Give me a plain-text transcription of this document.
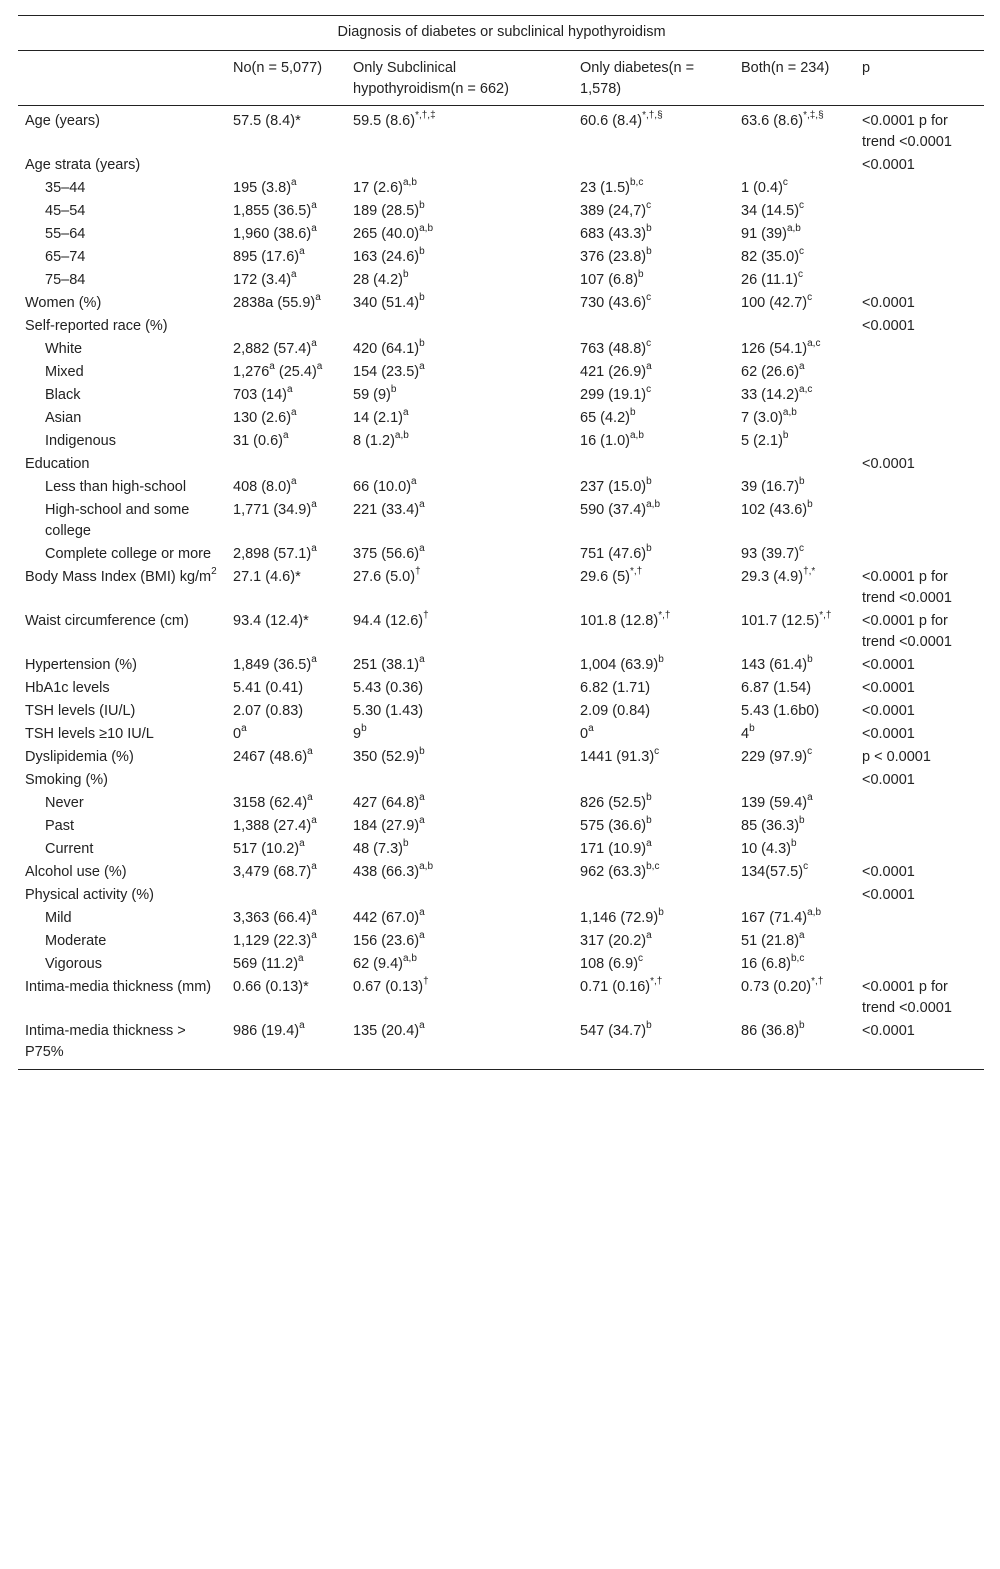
Diagnosis of diabetes or subclinical hypothyroidism					
	No(n = 5,077)	Only Subclinical hypothyroidism(n = 662)	Only diabetes(n = 1,578)	Both(n = 234)	p
Age (years)	57.5 (8.4)*	59.5 (8.6)*,†,‡	60.6 (8.4)*,†,§	63.6 (8.6)*,‡,§	<0.0001 p for trend <0.0001
Age strata (years)					<0.0001
35–44	195 $(3.8)^a$	17 $(2.6)^{a,b}$	23 $(1.5)^{b,c}$	1 $(0.4)^c$	
45–54	1,855 $(36.5)^a$	189 $(28.5)^b$	389 $(24,7)^c$	34 $(14.5)^c$	
55–64	1,960 $(38.6)^a$	265 $(40.0)^{a,b}$	683 $(43.3)^b$	91 $(39)^{a,b}$	
65–74	895 $(17.6)^a$	163 $(24.6)^b$	376 $(23.8)^b$	82 $(35.0)^c$	
75–84	172 $(3.4)^a$	28 $(4.2)^b$	107 $(6.8)^b$	26 $(11.1)^c$	
Women (%)	2838a $(55.9)^a$	340 $(51.4)^b$	730 $(43.6)^c$	100 $(42.7)^c$	<0.0001
Self-reported race (%)					<0.0001
White	2,882 $(57.4)^a$	420 $(64.1)^b$	763 $(48.8)^c$	126 $(54.1)^{a,c}$	
Mixed	1,276$^a$ $(25.4)^a$	154 $(23.5)^a$	421 $(26.9)^a$	62 $(26.6)^a$	
Black	703 $(14)^a$	59 $(9)^b$	299 $(19.1)^c$	33 $(14.2)^{a,c}$	
Asian	130 $(2.6)^a$	14 $(2.1)^a$	65 $(4.2)^b$	7 $(3.0)^{a,b}$	
Indigenous	31 $(0.6)^a$	8 $(1.2)^{a,b}$	16 $(1.0)^{a,b}$	5 $(2.1)^b$	
Education					<0.0001
Less than high-school	408 $(8.0)^a$	66 $(10.0)^a$	237 $(15.0)^b$	39 $(16.7)^b$	
High-school and some college	1,771 $(34.9)^a$	221 $(33.4)^a$	590 $(37.4)^{a,b}$	102 $(43.6)^b$	
Complete college or more	2,898 $(57.1)^a$	375 $(56.6)^a$	751 $(47.6)^b$	93 $(39.7)^c$	
Body Mass Index (BMI) $kg/m^2$	27.1 (4.6)*	27.6 (5.0)†	29.6 (5)*,†	29.3 (4.9)†,*	<0.0001 p for trend <0.0001
Waist circumference (cm)	93.4 (12.4)*	94.4 (12.6)†	101.8 (12.8)*,†	101.7 (12.5)*,†	<0.0001 p for trend <0.0001
Hypertension (%)	1,849 $(36.5)^a$	251 $(38.1)^a$	1,004 $(63.9)^b$	143 $(61.4)^b$	<0.0001
HbA1c levels	5.41 (0.41)	5.43 (0.36)	6.82 (1.71)	6.87 (1.54)	<0.0001
TSH levels (IU/L)	2.07 (0.83)	5.30 (1.43)	2.09 (0.84)	5.43 (1.6b0)	<0.0001
TSH levels ≥10 IU/L	0$^a$	9$^b$	0$^a$	$4^b$	<0.0001
Dyslipidemia (%)	2467 $(48.6)^a$	350 $(52.9)^b$	1441 $(91.3)^c$	229 $(97.9)^c$	p < 0.0001
Smoking (%)					<0.0001
Never	3158 $(62.4)^a$	427 $(64.8)^a$	826 $(52.5)^b$	139 $(59.4)^a$	
Past	1,388 $(27.4)^a$	184 $(27.9)^a$	575 $(36.6)^b$	85 $(36.3)^b$	
Current	517 $(10.2)^a$	48 $(7.3)^b$	171 $(10.9)^a$	10 $(4.3)^b$	
Alcohol use (%)	3,479 $(68.7)^a$	438 $(66.3)^{a,b}$	962 $(63.3)^{b,c}$	$134(57.5)^c$	<0.0001
Physical activity (%)					<0.0001
Mild	3,363 $(66.4)^a$	442 $(67.0)^a$	1,146 $(72.9)^b$	167 $(71.4)^{a,b}$	
Moderate	1,129 $(22.3)^a$	156 $(23.6)^a$	317 $(20.2)^a$	51 $(21.8)^a$	
Vigorous	569 $(11.2)^a$	62 $(9.4)^{a,b}$	108 $(6.9)^c$	16 $(6.8)^{b,c}$	
Intima-media thickness (mm)	0.66 (0.13)*	0.67 (0.13)†	0.71 (0.16)*,†	0.73 (0.20)*,†	<0.0001 p for trend <0.0001
Intima-media thickness > P75%	986 $(19.4)^a$	135 $(20.4)^a$	547 $(34.7)^b$	86 $(36.8)^b$	<0.0001
